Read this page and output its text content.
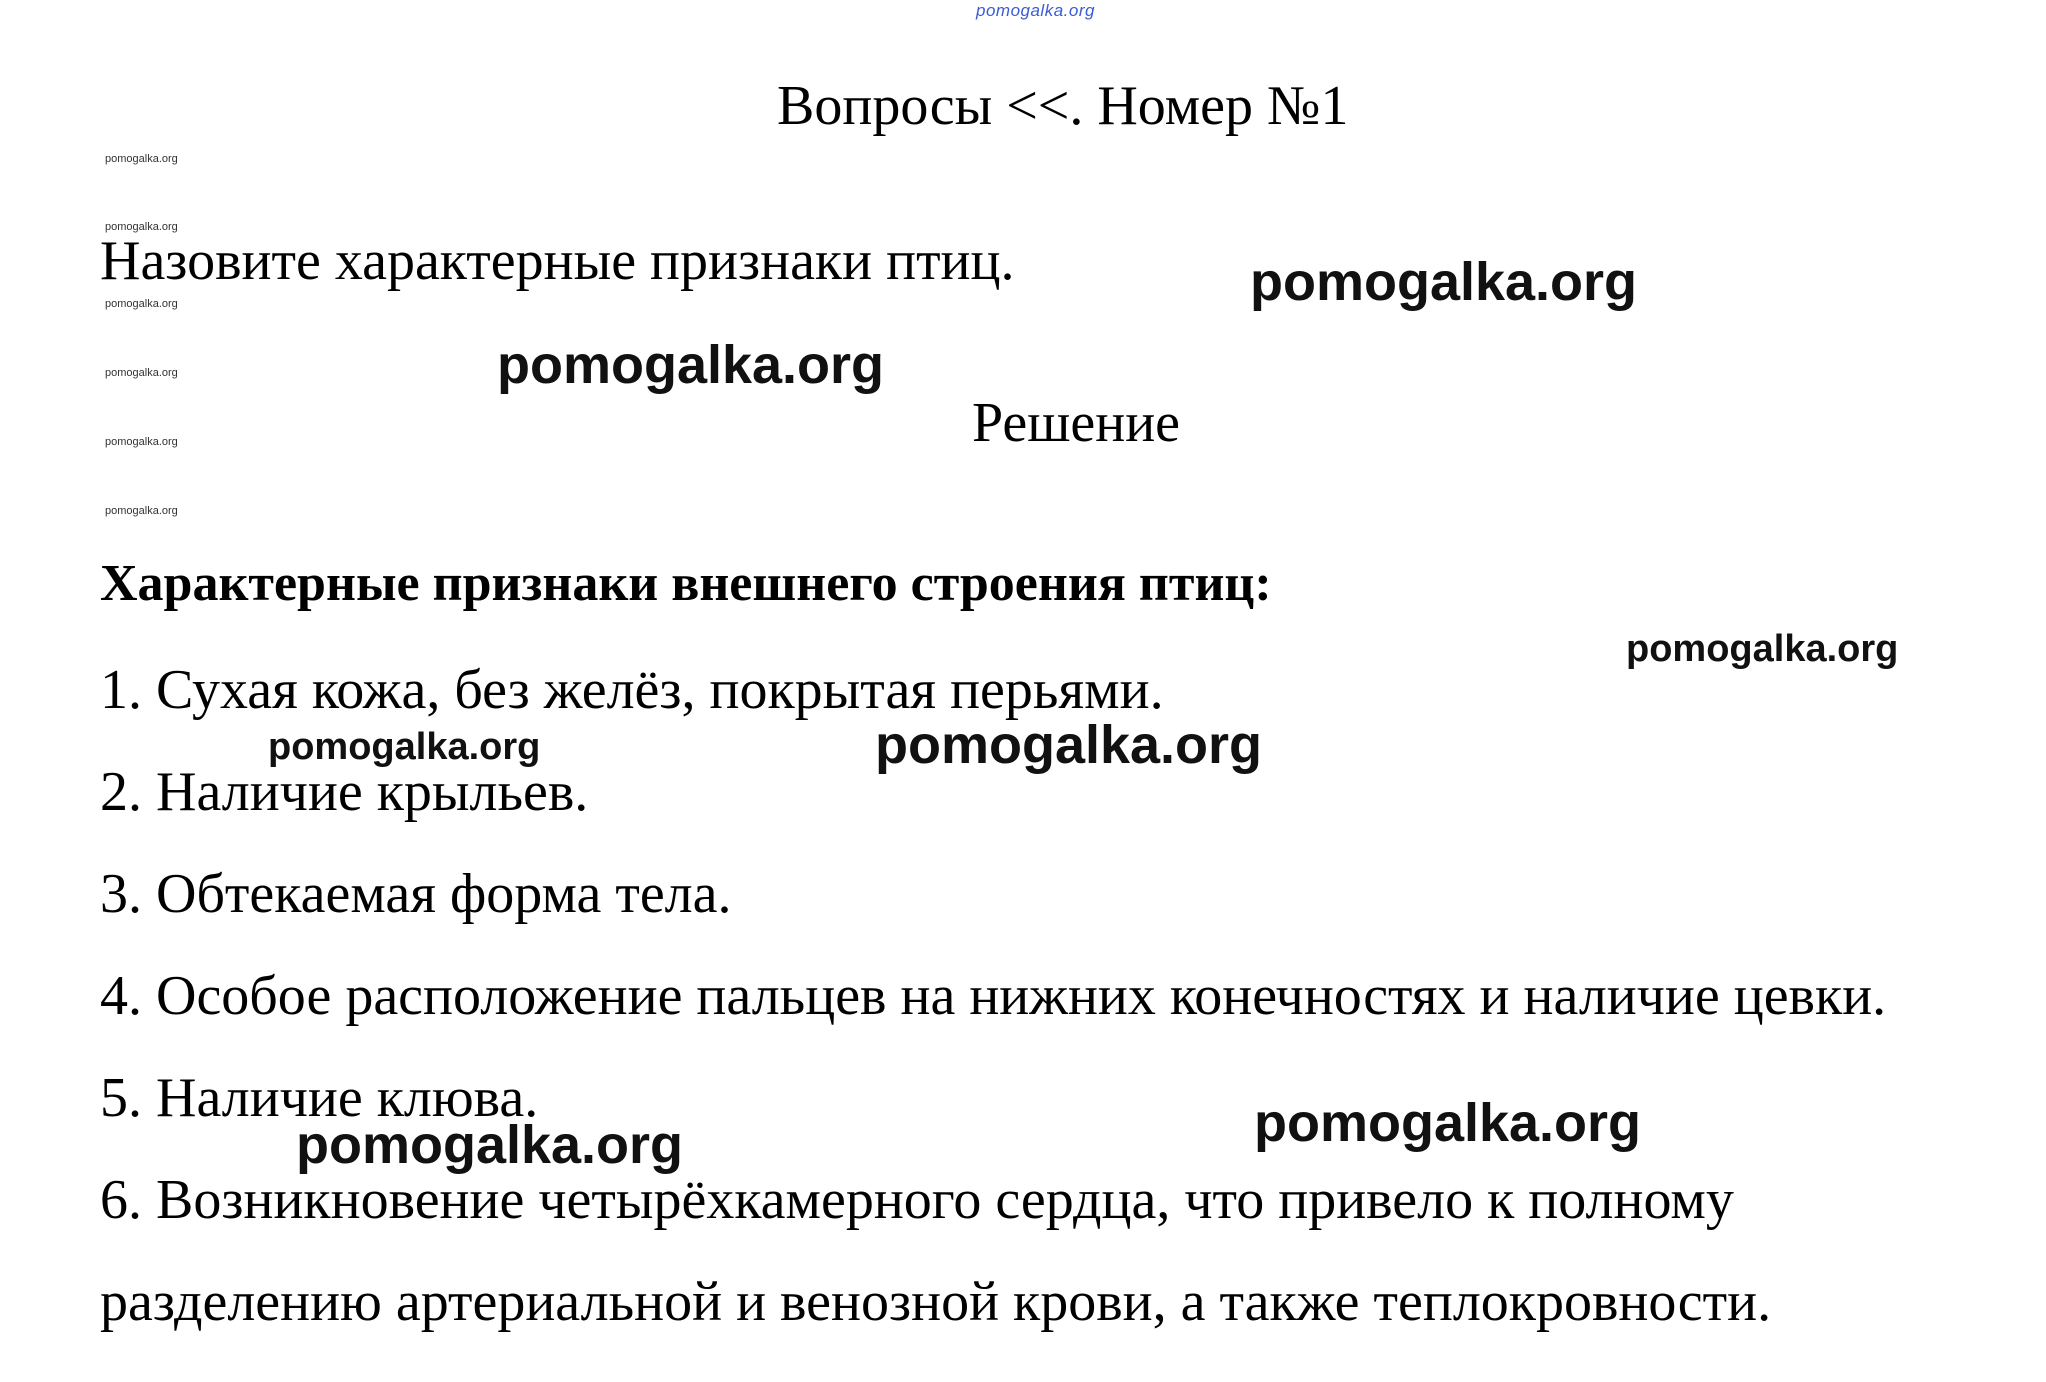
pomogalka.org
pomogalka.org
pomogalka.org
pomogalka.org
pomogalka.org
pomogalka.org
pomogalka.org
Вопросы <<. Номер №1
Назовите характерные признаки птиц.
Решение
Характерные признаки внешнего строения птиц:
1. Сухая кожа, без желёз, покрытая перьями.
2. Наличие крыльев.
3. Обтекаемая форма тела.
4. Особое расположение пальцев на нижних конечностях и наличие цевки.
5. Наличие клюва.
6. Возникновение четырёхкамерного сердца, что привело к полному
разделению артериальной и венозной крови, а также теплокровности.
pomogalka.org
pomogalka.org
pomogalka.org
pomogalka.org	pomogalka.org
pomogalka.org
pomogalka.org
